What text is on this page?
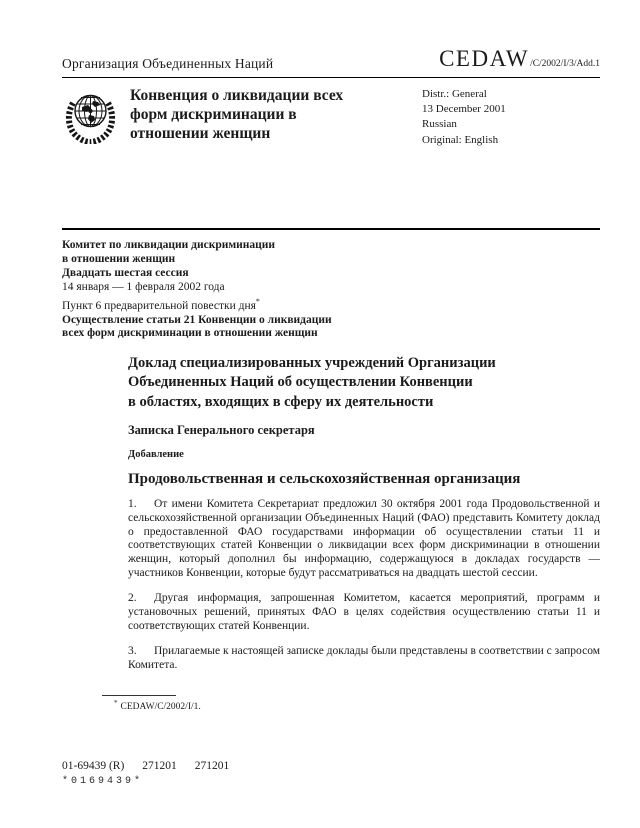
Организация Объединенных Наций	CEDAW /C/2002/I/3/Add.1
Конвенция о ликвидации всех
форм дискриминации в
отношении женщин
Distr.: General
13 December 2001
Russian
Original: English
Комитет по ликвидации дискриминации
в отношении женщин
Двадцать шестая сессия
14 января — 1 февраля 2002 года
Пункт 6 предварительной повестки дня*
Осуществление статьи 21 Конвенции о ликвидации
всех форм дискриминации в отношении женщин
Доклад специализированных учреждений Организации
Объединенных Наций об осуществлении Конвенции
в областях, входящих в сферу их деятельности
Записка Генерального секретаря
Добавление
Продовольственная и сельскохозяйственная организация

1. От имени Комитета Секретариат предложил 30 октября 2001 года Продовольственной и сельскохозяйственной организации Объединенных Наций (ФАО) представить Комитету доклад о предоставленной ФАО государствами информации об осуществлении статьи 11 и соответствующих статей Конвенции о ликвидации всех форм дискриминации в отношении женщин, который дополнил бы информацию, содержащуюся в докладах государств — участников Конвенции, которые будут рассматриваться на двадцать шестой сессии.

2. Другая информация, запрошенная Комитетом, касается мероприятий, программ и установочных решений, принятых ФАО в целях содействия осуществлению статьи 11 и соответствующих статей Конвенции.

3. Прилагаемые к настоящей записке доклады были представлены в соответствии с запросом Комитета.

* CEDAW/C/2002/I/1.
01-69439 (R) 271201 271201
*0169439*
